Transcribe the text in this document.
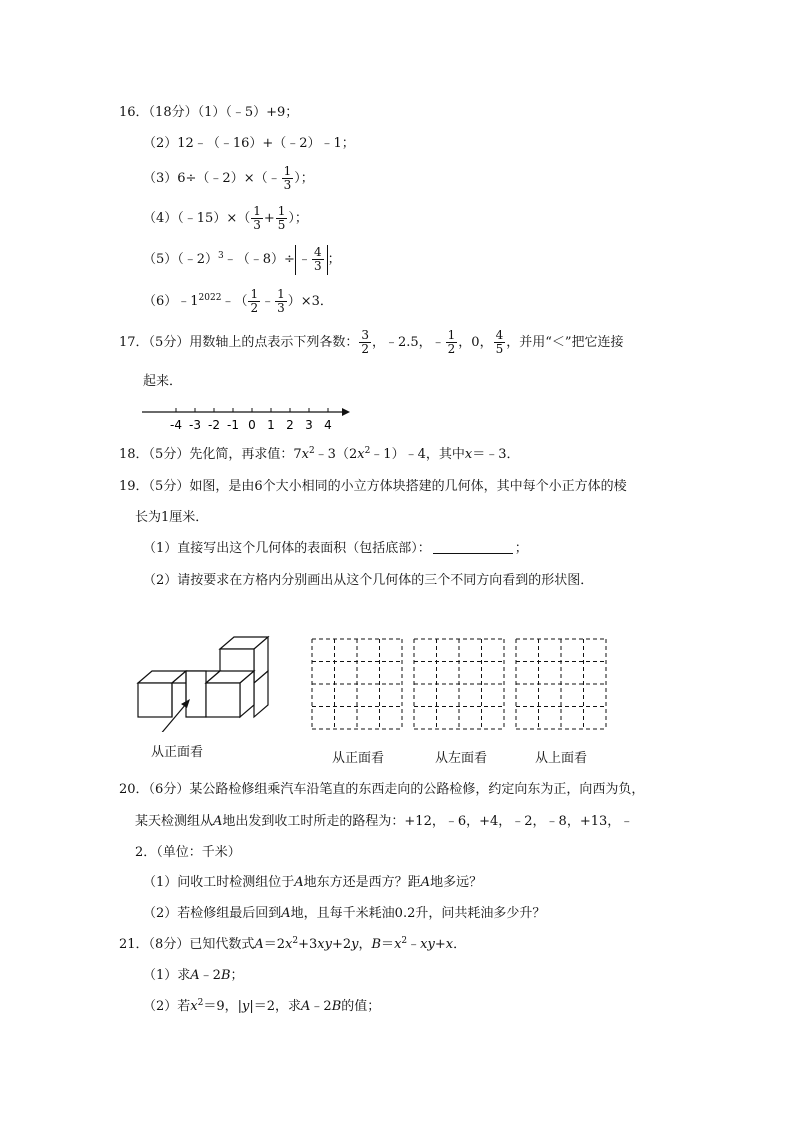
16．（18分）（1）（﹣5）+9；
（2）12﹣（﹣16）+（﹣2）﹣1；
（3）6÷（﹣2）×（﹣ $\frac{1}{3}$ ）；
（4）（﹣15）×（ $\frac{1}{3} + \frac{1}{5}$ ）；
（5）（﹣2）$^3$﹣（﹣8）÷ ﹣ $\frac{4}{3}$ ；
$(6)﹣1^{2022}﹣( \frac{1}{2}$ ﹣ $\frac{1}{3} )\times 3$．
17．（5分）用数轴上的点表示下列各数： $\frac{3}{2}$ ，﹣2.5，﹣ $\frac{1}{2}$ ，0， $\frac{4}{5}$ ，并用“＜”把它连接
起来．
-4 -3 -2 -1 0 1 2 3 4
18．（5分）先化简，再求值：$7x^2﹣3(2x^2﹣1)﹣4$，其中x＝﹣3．
19．（5分）如图，是由6个大小相同的小立方体块搭建的几何体，其中每个小正方体的棱
长为1厘米．
（1）直接写出这个几何体的表面积（包括底部）：	；
（2）请按要求在方格内分别画出从这个几何体的三个不同方向看到的形状图．
从正面看	从正面看	从左面看	从上面看
20．（6分）某公路检修组乘汽车沿笔直的东西走向的公路检修，约定向东为正，向西为负，
某天检测组从A地出发到收工时所走的路程为：+12，﹣6，+4，﹣2，﹣8，+13，﹣
2．（单位：千米）
（1）问收工时检测组位于A地东方还是西方？距A地多远？
（2）若检修组最后回到A地，且每千米耗油0.2升，问共耗油多少升？
21．（8分）已知代数式$A=2x^2+3xy+2y$，$B=x^2﹣xy+x$．
（1）求A﹣2B；
（2）若$x^2=9$，|y|＝2，求A﹣2B的值；
